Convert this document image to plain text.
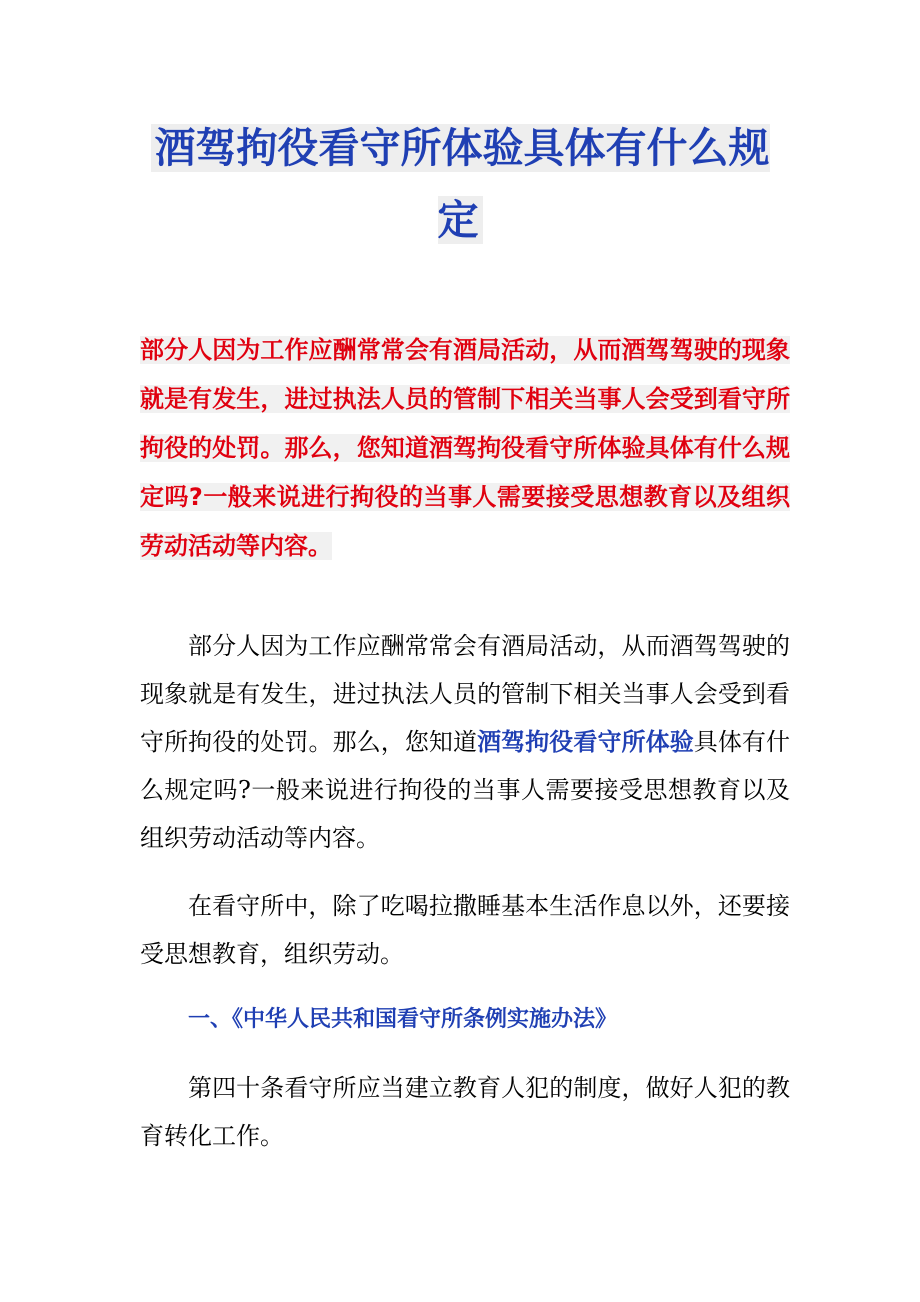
酒驾拘役看守所体验具体有什么规定

部分人因为工作应酬常常会有酒局活动，从而酒驾驾驶的现象就是有发生，进过执法人员的管制下相关当事人会受到看守所拘役的处罚。那么，您知道酒驾拘役看守所体验具体有什么规定吗?一般来说进行拘役的当事人需要接受思想教育以及组织劳动活动等内容。

部分人因为工作应酬常常会有酒局活动，从而酒驾驾驶的现象就是有发生，进过执法人员的管制下相关当事人会受到看守所拘役的处罚。那么，您知道酒驾拘役看守所体验具体有什么规定吗?一般来说进行拘役的当事人需要接受思想教育以及组织劳动活动等内容。

在看守所中，除了吃喝拉撒睡基本生活作息以外，还要接受思想教育，组织劳动。

一、《中华人民共和国看守所条例实施办法》

第四十条看守所应当建立教育人犯的制度，做好人犯的教育转化工作。
